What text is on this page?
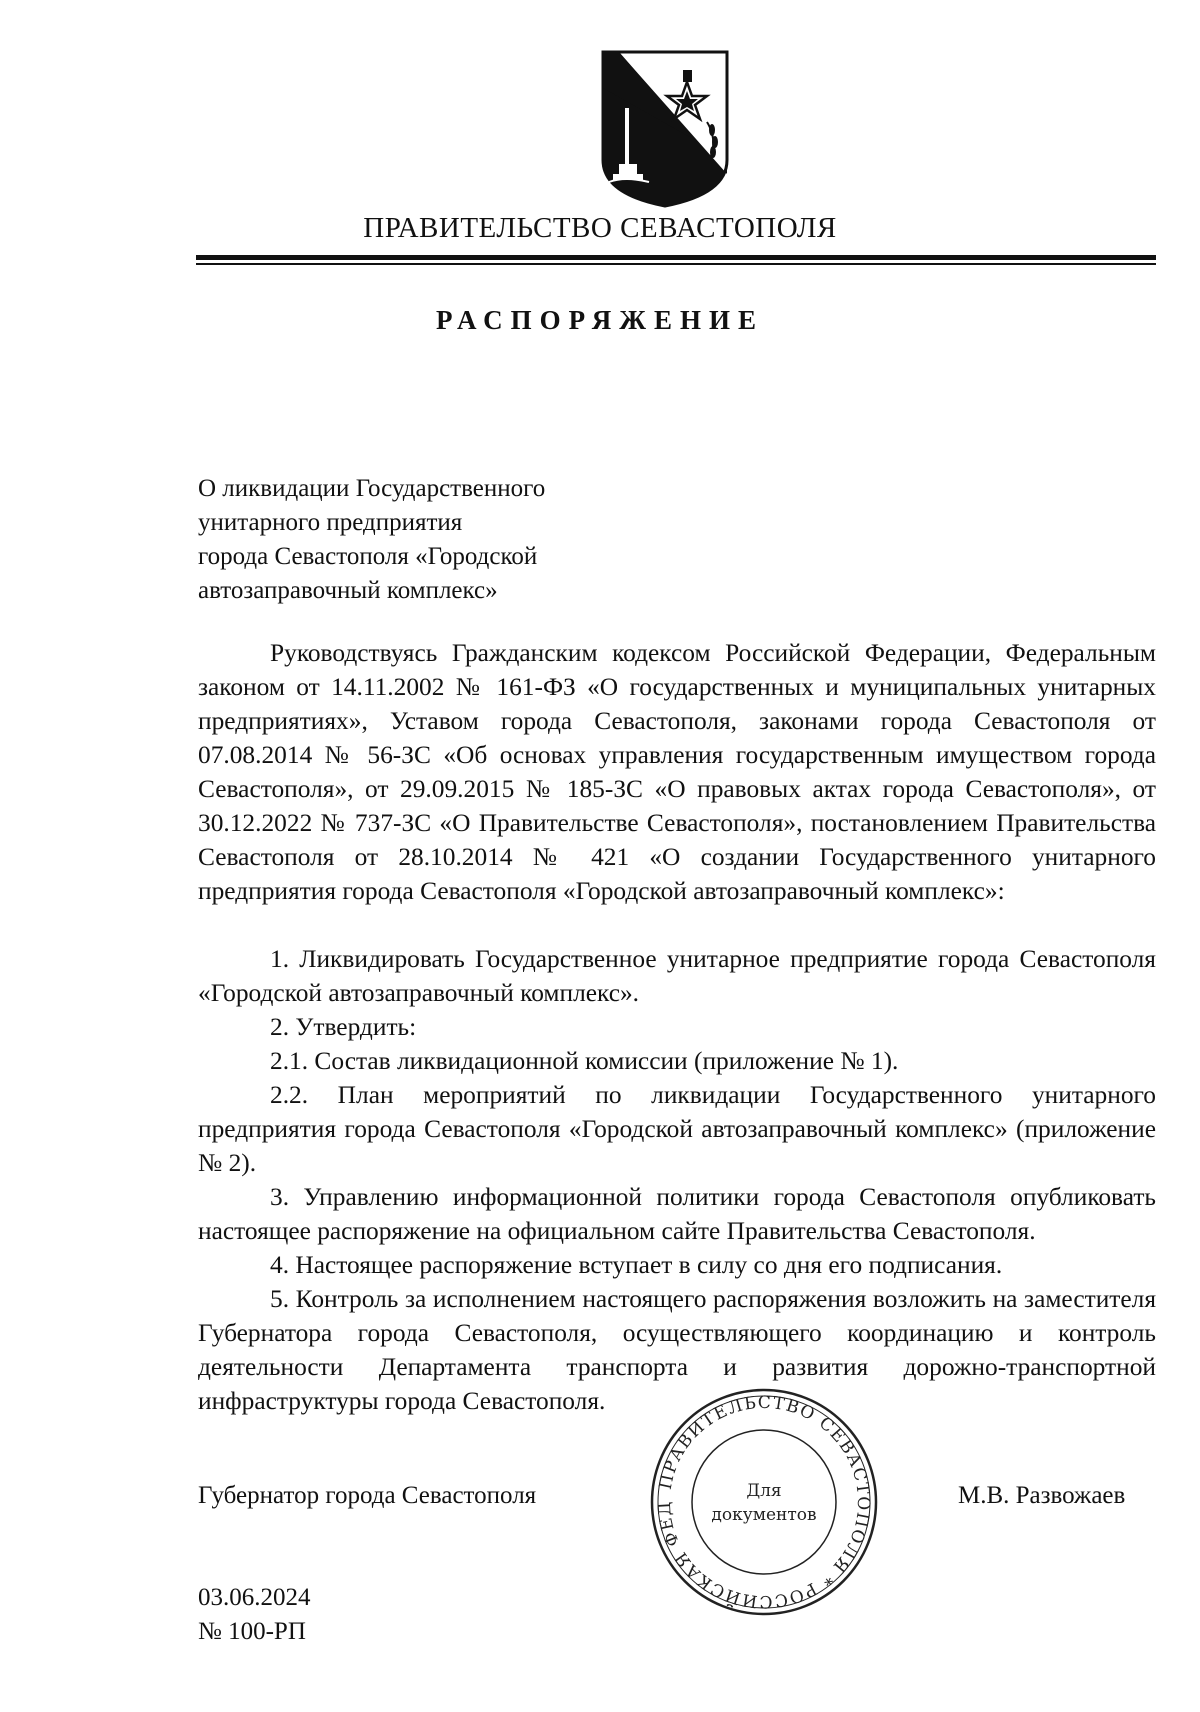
ПРАВИТЕЛЬСТВО СЕВАСТОПОЛЯ
РАСПОРЯЖЕНИЕ
О ликвидации Государственного
унитарного предприятия
города Севастополя «Городской
автозаправочный комплекс»

Руководствуясь Гражданским кодексом Российской Федерации, Федеральным законом от 14.11.2002 № 161-ФЗ «О государственных и муниципальных унитарных предприятиях», Уставом города Севастополя, законами города Севастополя от 07.08.2014 № 56-ЗС «Об основах управления государственным имуществом города Севастополя», от 29.09.2015 № 185-ЗС «О правовых актах города Севастополя», от 30.12.2022 № 737-ЗС «О Правительстве Севастополя», постановлением Правительства Севастополя от 28.10.2014 № 421 «О создании Государственного унитарного предприятия города Севастополя «Городской автозаправочный комплекс»:

1. Ликвидировать Государственное унитарное предприятие города Севастополя «Городской автозаправочный комплекс».

2. Утвердить:

2.1. Состав ликвидационной комиссии (приложение № 1).

2.2. План мероприятий по ликвидации Государственного унитарного предприятия города Севастополя «Городской автозаправочный комплекс» (приложение № 2).

3. Управлению информационной политики города Севастополя опубликовать настоящее распоряжение на официальном сайте Правительства Севастополя.

4. Настоящее распоряжение вступает в силу со дня его подписания.

5. Контроль за исполнением настоящего распоряжения возложить на заместителя Губернатора города Севастополя, осуществляющего координацию и контроль деятельности Департамента транспорта и развития дорожно-транспортной инфраструктуры города Севастополя.

ПРАВИТЕЛЬСТВО СЕВАСТОПОЛЯ * РОССИЙСКАЯ ФЕД
Для
документов
Губернатор города Севастополя	М.В. Развожаев
03.06.2024
№ 100-РП
